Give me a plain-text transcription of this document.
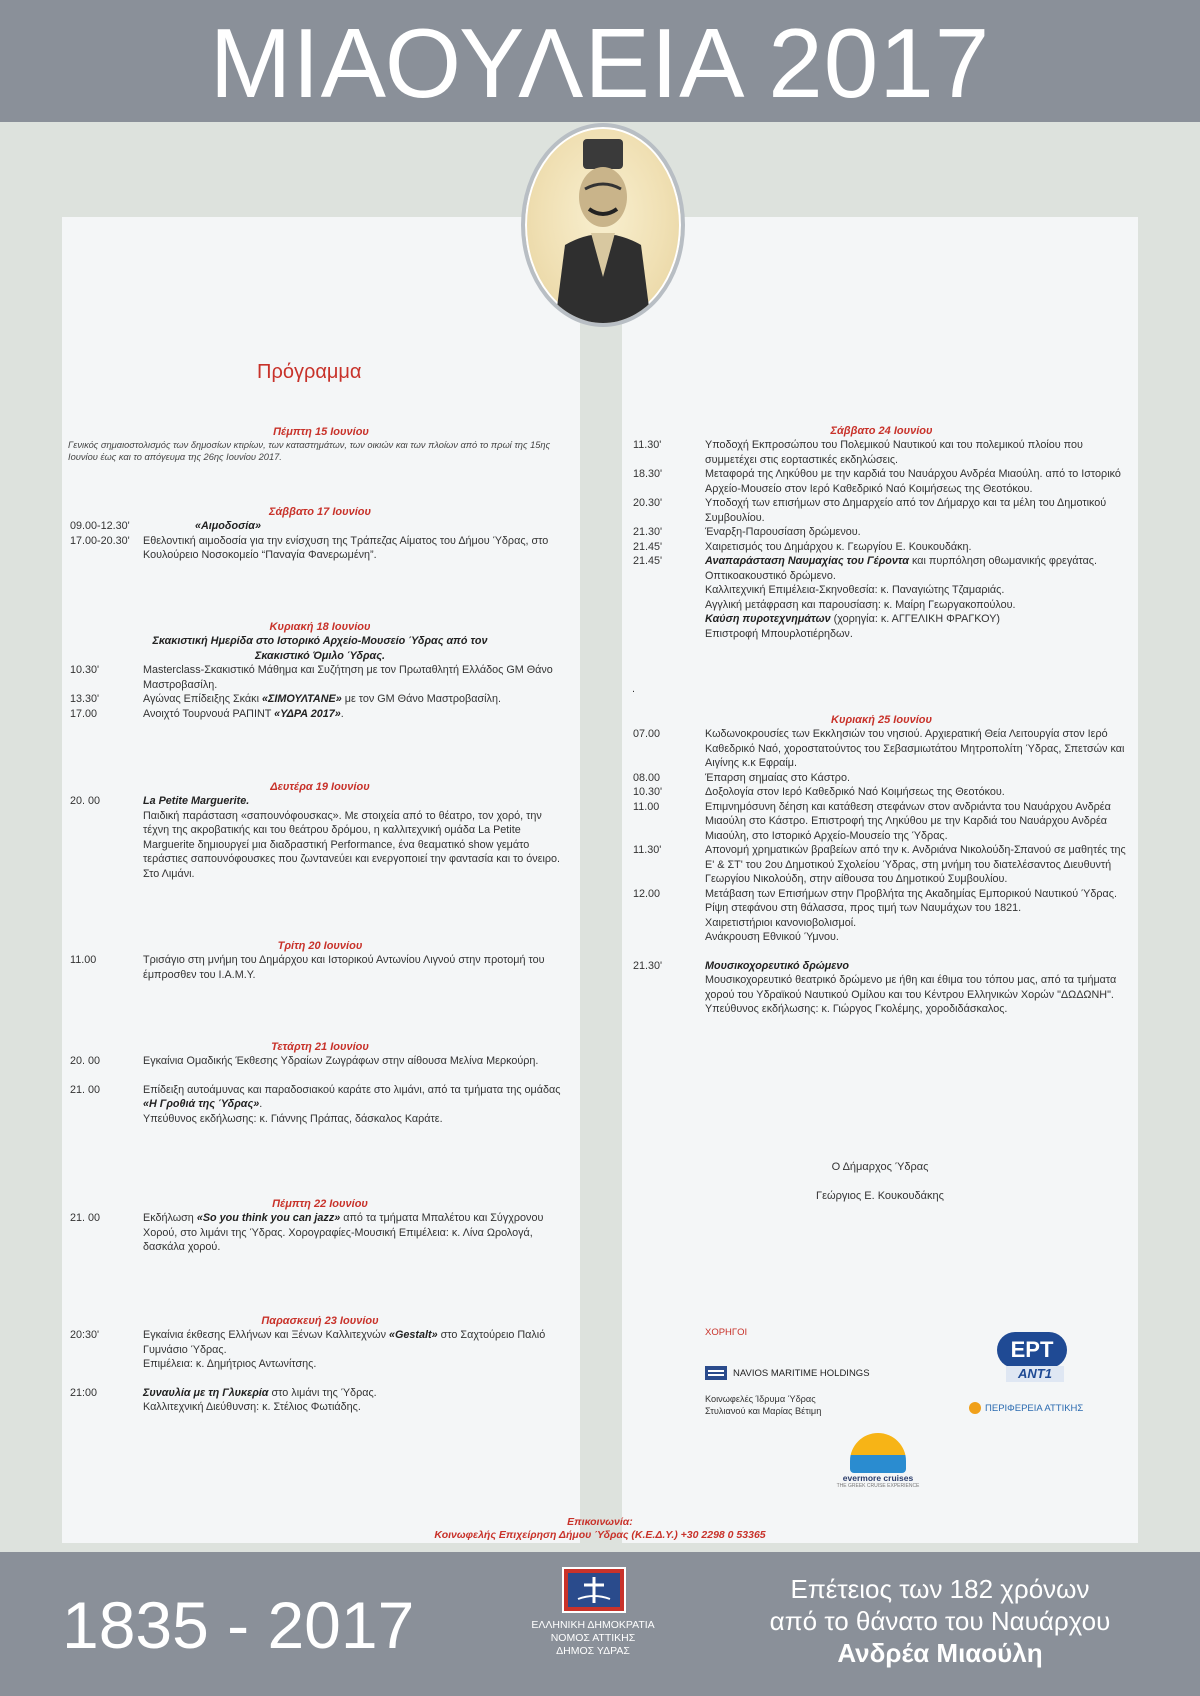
ΜΙΑΟΥΛΕΙΑ 2017
Πρόγραμμα
Πέμπτη 15 Ιουνίου
Γενικός σημαιοστολισμός των δημοσίων κτιρίων, των καταστημάτων, των οικιών και των πλοίων από το πρωί της 15ης Ιουνίου έως και το απόγευμα της 26ης Ιουνίου 2017.
Σάββατο 17 Ιουνίου
09.00-12.30'	«Αιμοδοσία»
17.00-20.30'	Εθελοντική αιμοδοσία για την ενίσχυση της Τράπεζας Αίματος του Δήμου Ύδρας, στο Κουλούρειο Νοσοκομείο “Παναγία Φανερωμένη”.
Κυριακή 18 Ιουνίου
Σκακιστική Ημερίδα στο Ιστορικό Αρχείο-Μουσείο Ύδρας από τον Σκακιστικό Όμιλο Ύδρας.
10.30'	Masterclass-Σκακιστικό Μάθημα και Συζήτηση με τον Πρωταθλητή Ελλάδος GM Θάνο Μαστροβασίλη.
13.30'	Αγώνας Επίδειξης Σκάκι «ΣΙΜΟΥΛΤΑΝΕ» με τον GM Θάνο Μαστροβασίλη.
17.00	Ανοιχτό Τουρνουά ΡΑΠΙΝΤ «ΥΔΡΑ 2017».
Δευτέρα 19 Ιουνίου
20. 00	La Petite Marguerite.
Παιδική παράσταση «σαπουνόφουσκας». Με στοιχεία από το θέατρο, τον χορό, την τέχνη της ακροβατικής και του θεάτρου δρόμου, η καλλιτεχνική ομάδα La Petite Marguerite δημιουργεί μια διαδραστική Performance, ένα θεαματικό show γεμάτο τεράστιες σαπουνόφουσκες που ζωντανεύει και ενεργοποιεί την φαντασία και το όνειρο. Στο Λιμάνι.
Τρίτη 20 Ιουνίου
11.00	Τρισάγιο στη μνήμη του Δημάρχου και Ιστορικού Αντωνίου Λιγνού στην προτομή του έμπροσθεν του Ι.Α.Μ.Υ.
Τετάρτη 21 Ιουνίου
20. 00	Εγκαίνια Ομαδικής Έκθεσης Υδραίων Ζωγράφων στην αίθουσα Μελίνα Μερκούρη.
21. 00	Επίδειξη αυτοάμυνας και παραδοσιακού καράτε στο λιμάνι, από τα τμήματα της ομάδας «Η Γροθιά της Ύδρας».
Υπεύθυνος εκδήλωσης: κ. Γιάννης Πράπας, δάσκαλος Καράτε.
Πέμπτη 22 Ιουνίου
21. 00	Εκδήλωση «So you think you can jazz» από τα τμήματα Μπαλέτου και Σύγχρονου Χορού, στο λιμάνι της Ύδρας. Χορογραφίες-Μουσική Επιμέλεια: κ. Λίνα Ωρολογά, δασκάλα χορού.
Παρασκευή 23 Ιουνίου
20:30'	Εγκαίνια έκθεσης Ελλήνων και Ξένων Καλλιτεχνών «Gestalt» στο Σαχτούρειο Παλιό Γυμνάσιο Ύδρας.
Επιμέλεια: κ. Δημήτριος Αντωνίτσης.
21:00	Συναυλία με τη Γλυκερία στο λιμάνι της Ύδρας.
Καλλιτεχνική Διεύθυνση: κ. Στέλιος Φωτιάδης.
Σάββατο 24 Ιουνίου
11.30'	Υποδοχή Εκπροσώπου του Πολεμικού Ναυτικού και του πολεμικού πλοίου που συμμετέχει στις εορταστικές εκδηλώσεις.
18.30'	Μεταφορά της Ληκύθου με την καρδιά του Ναυάρχου Ανδρέα Μιαούλη. από το Ιστορικό Αρχείο-Μουσείο στον Ιερό Καθεδρικό Ναό Κοιμήσεως της Θεοτόκου.
20.30'	Υποδοχή των επισήμων στο Δημαρχείο από τον Δήμαρχο και τα μέλη του Δημοτικού Συμβουλίου.
21.30'	Έναρξη-Παρουσίαση δρώμενου.
21.45'	Χαιρετισμός του Δημάρχου κ. Γεωργίου Ε. Κουκουδάκη.
21.45'	Αναπαράσταση Ναυμαχίας του Γέροντα και πυρπόληση οθωμανικής φρεγάτας. Οπτικοακουστικό δρώμενο.
Καλλιτεχνική Επιμέλεια-Σκηνοθεσία: κ. Παναγιώτης Τζαμαριάς.
Αγγλική μετάφραση και παρουσίαση: κ. Μαίρη Γεωργακοπούλου.
Καύση πυροτεχνημάτων (χορηγία: κ. ΑΓΓΕΛΙΚΗ ΦΡΑΓΚΟΥ)
Επιστροφή Μπουρλοτιέρηδων.
.
Κυριακή 25 Ιουνίου
07.00	Κωδωνοκρουσίες των Εκκλησιών του νησιού. Αρχιερατική Θεία Λειτουργία στον Ιερό Καθεδρικό Ναό, χοροστατούντος του Σεβασμιωτάτου Μητροπολίτη Ύδρας, Σπετσών και Αιγίνης κ.κ Εφραίμ.
08.00	Έπαρση σημαίας στο Κάστρο.
10.30'	Δοξολογία στον Ιερό Καθεδρικό Ναό Κοιμήσεως της Θεοτόκου.
11.00	Επιμνημόσυνη δέηση και κατάθεση στεφάνων στον ανδριάντα του Ναυάρχου Ανδρέα Μιαούλη στο Κάστρο. Επιστροφή της Ληκύθου με την Καρδιά του Ναυάρχου Ανδρέα Μιαούλη, στο Ιστορικό Αρχείο-Μουσείο της Ύδρας.
11.30'	Απονομή χρηματικών βραβείων από την κ. Ανδριάνα Νικολούδη-Σπανού σε μαθητές της Ε' & ΣΤ' του 2ου Δημοτικού Σχολείου Ύδρας, στη μνήμη του διατελέσαντος Διευθυντή Γεωργίου Νικολούδη, στην αίθουσα του Δημοτικού Συμβουλίου.
12.00	Μετάβαση των Επισήμων στην Προβλήτα της Ακαδημίας Εμπορικού Ναυτικού Ύδρας. Ρίψη στεφάνου στη θάλασσα, προς τιμή των Ναυμάχων του 1821.
Χαιρετιστήριοι κανονιοβολισμοί.
Ανάκρουση Εθνικού Ύμνου.
21.30'	Μουσικοχορευτικό δρώμενο
Μουσικοχορευτικό θεατρικό δρώμενο με ήθη και έθιμα του τόπου μας, από τα τμήματα χορού του Υδραϊκού Ναυτικού Ομίλου και του Κέντρου Ελληνικών Χορών "ΔΩΔΩΝΗ".
Υπεύθυνος εκδήλωσης: κ. Γιώργος Γκολέμης, χοροδιδάσκαλος.
Ο Δήμαρχος Ύδρας
Γεώργιος Ε. Κουκουδάκης
ΧΟΡΗΓΟΙ
NAVIOS MARITIME HOLDINGS
Κοινωφελές Ίδρυμα Ύδρας
Στυλιανού και Μαρίας Βέτιμη
ΕΡΤ
ΑΝΤ1
ΠΕΡΙΦΕΡΕΙΑ ΑΤΤΙΚΗΣ
evermore cruises
THE GREEK CRUISE EXPERIENCE
Επικοινωνία:
Κοινωφελής Επιχείρηση Δήμου Ύδρας (Κ.Ε.Δ.Υ.) +30 2298 0 53365
1835 - 2017	ΕΛΛΗΝΙΚΗ ΔΗΜΟΚΡΑΤΙΑ
ΝΟΜΟΣ ΑΤΤΙΚΗΣ
ΔΗΜΟΣ ΥΔΡΑΣ
Επέτειος των 182 χρόνων
από το θάνατο του Ναυάρχου
Ανδρέα Μιαούλη
